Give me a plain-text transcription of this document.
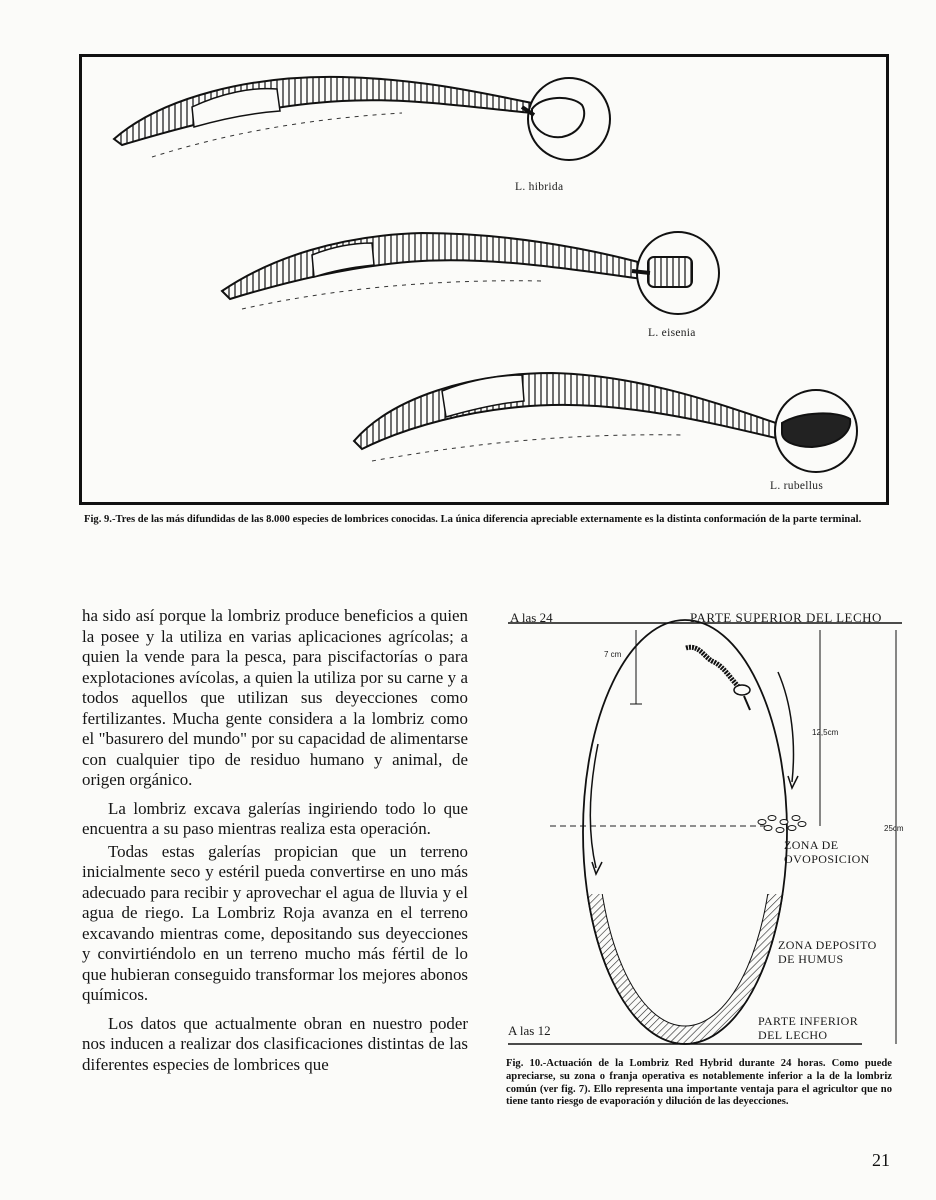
L. hibrida
L. eisenia
L. rubellus
Fig. 9.-Tres de las más difundidas de las 8.000 especies de lombrices conocidas. La única diferencia apreciable externamente es la distinta conformación de la parte terminal.

ha sido así porque la lombriz produce beneficios a quien la posee y la utiliza en varias aplicaciones agrícolas; a quien la vende para la pesca, para piscifactorías o para explotaciones avícolas, a quien la utiliza por su carne y a todos aquellos que utilizan sus deyecciones como fertilizantes. Mucha gente considera a la lombriz como el "basurero del mundo" por su capacidad de alimentarse con cualquier tipo de residuo humano y animal, de origen orgánico.

La lombriz excava galerías ingiriendo todo lo que encuentra a su paso mientras realiza esta operación.

Todas estas galerías propician que un terreno inicialmente seco y estéril pueda convertirse en uno más adecuado para recibir y aprovechar el agua de lluvia y el agua de riego. La Lombriz Roja avanza en el terreno excavando mientras come, depositando sus deyecciones y convirtiéndolo en un terreno mucho más fértil de lo que hubieran conseguido transformar los mejores abonos químicos.

Los datos que actualmente obran en nuestro poder nos inducen a realizar dos clasificaciones distintas de las diferentes especies de lombrices que

A las 24	PARTE SUPERIOR DEL LECHO
7 cm
12,5cm
25cm
ZONA DE
OVOPOSICION
ZONA DEPOSITO
DE HUMUS
A las 12
PARTE INFERIOR
DEL LECHO
Fig. 10.-Actuación de la Lombriz Red Hybrid durante 24 horas. Como puede apreciarse, su zona o franja operativa es notablemente inferior a la de la lombriz común (ver fig. 7). Ello representa una importante ventaja para el agricultor que no tiene tanto riesgo de evaporación y dilución de las deyecciones.
21
